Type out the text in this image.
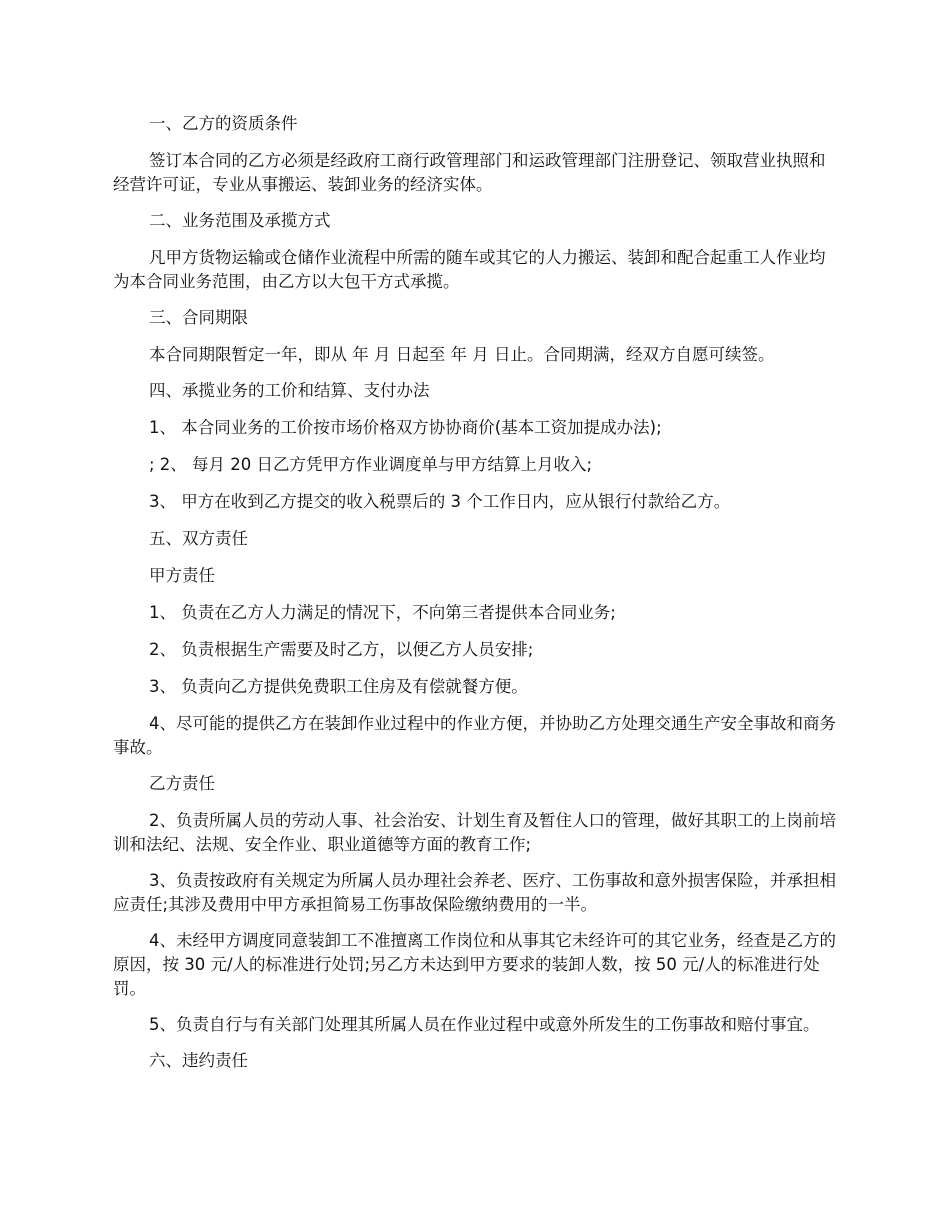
一、乙方的资质条件

签订本合同的乙方必须是经政府工商行政管理部门和运政管理部门注册登记、领取营业执照和经营许可证，专业从事搬运、装卸业务的经济实体。

二、业务范围及承揽方式

凡甲方货物运输或仓储作业流程中所需的随车或其它的人力搬运、装卸和配合起重工人作业均为本合同业务范围，由乙方以大包干方式承揽。

三、合同期限

本合同期限暂定一年，即从 年 月 日起至 年 月 日止。合同期满，经双方自愿可续签。

四、承揽业务的工价和结算、支付办法

1、 本合同业务的工价按市场价格双方协协商价(基本工资加提成办法);

; 2、 每月 20 日乙方凭甲方作业调度单与甲方结算上月收入;

3、 甲方在收到乙方提交的收入税票后的 3 个工作日内，应从银行付款给乙方。

五、双方责任

甲方责任

1、 负责在乙方人力满足的情况下，不向第三者提供本合同业务;

2、 负责根据生产需要及时乙方，以便乙方人员安排;

3、 负责向乙方提供免费职工住房及有偿就餐方便。

4、尽可能的提供乙方在装卸作业过程中的作业方便，并协助乙方处理交通生产安全事故和商务事故。

乙方责任

2、负责所属人员的劳动人事、社会治安、计划生育及暂住人口的管理，做好其职工的上岗前培训和法纪、法规、安全作业、职业道德等方面的教育工作;

3、负责按政府有关规定为所属人员办理社会养老、医疗、工伤事故和意外损害保险，并承担相应责任;其涉及费用中甲方承担简易工伤事故保险缴纳费用的一半。

4、未经甲方调度同意装卸工不准擅离工作岗位和从事其它未经许可的其它业务，经查是乙方的原因，按 30 元/人的标准进行处罚;另乙方未达到甲方要求的装卸人数，按 50 元/人的标准进行处罚。

5、负责自行与有关部门处理其所属人员在作业过程中或意外所发生的工伤事故和赔付事宜。

六、违约责任
